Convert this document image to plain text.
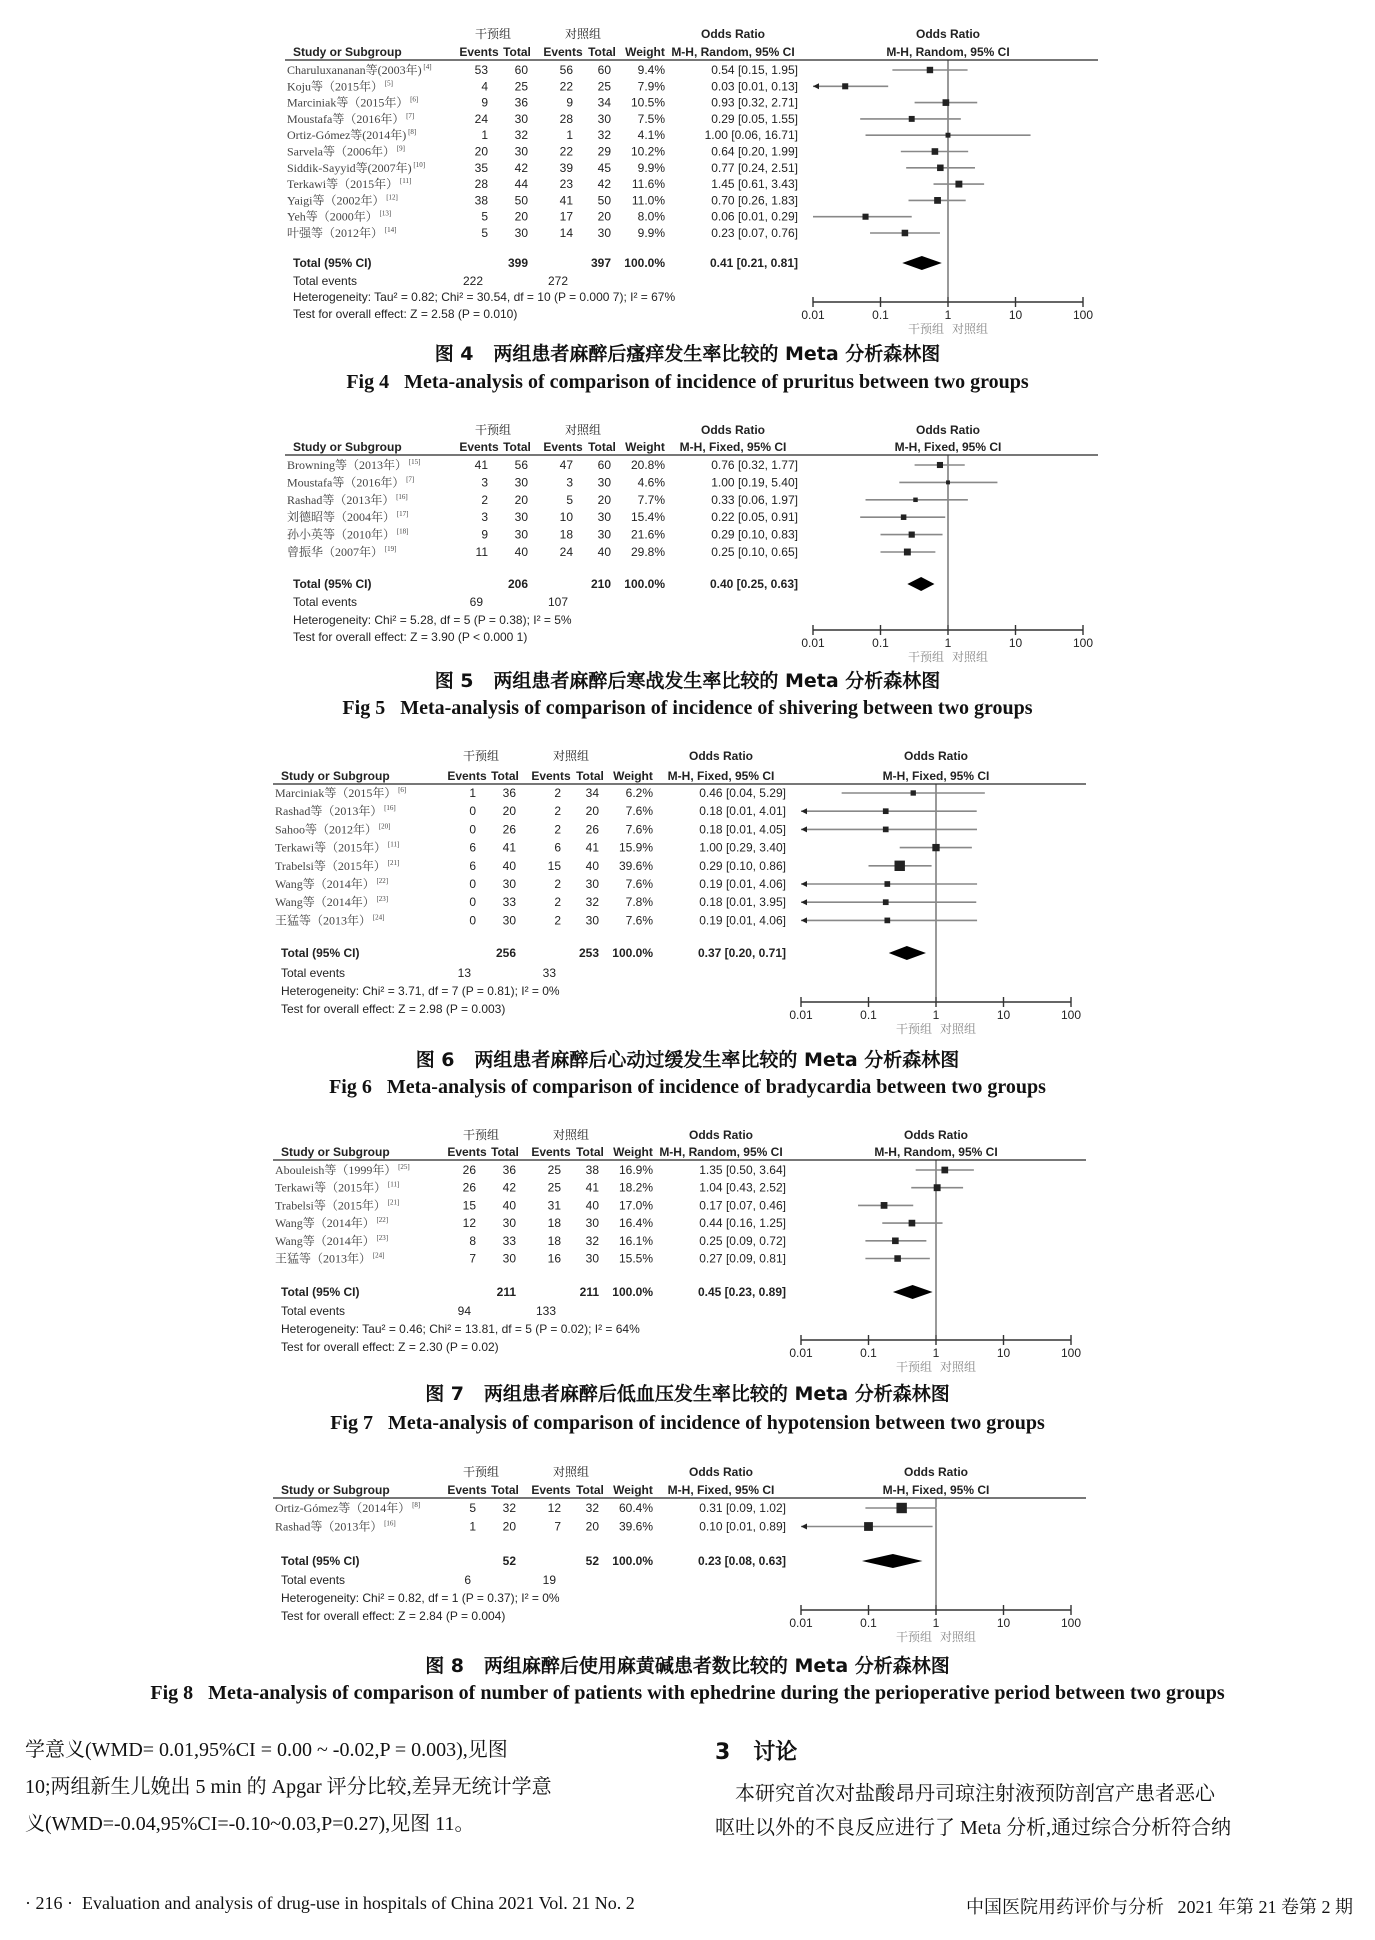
干预组	对照组	Odds Ratio	Odds Ratio
Study or Subgroup	Events Total Events Total Weight M-H, Random, 95% CI	M-H, Random, 95% CI
Charuluxananan等(2003年) [4]	53 60	56 60 9.4%	0.54 [0.15, 1.95]
Koju等（2015年） [5]	4 25	22 25 7.9%	0.03 [0.01, 0.13]
Marciniak等（2015年） [6]	9 36	9 34 10.5%	0.93 [0.32, 2.71]
Moustafa等（2016年） [7]	24 30	28 30 7.5%	0.29 [0.05, 1.55]
Ortiz-Gómez等(2014年) [8]	1 32	1 32 4.1%	1.00 [0.06, 16.71]
Sarvela等（2006年） [9]	20 30	22 29 10.2%	0.64 [0.20, 1.99]
Siddik-Sayyid等(2007年) [10]	35 42	39 45 9.9%	0.77 [0.24, 2.51]
Terkawi等（2015年） [11]	28 44	23 42 11.6%	1.45 [0.61, 3.43]
Yaigi等（2002年） [12]	38 50	41 50 11.0%	0.70 [0.26, 1.83]
Yeh等（2000年） [13]	5 20	17 20 8.0%	0.06 [0.01, 0.29]
叶强等（2012年） [14]	5 30	14 30 9.9%	0.23 [0.07, 0.76]
Total (95% CI)	399	397 100.0%	0.41 [0.21, 0.81]
Total events	222	272
Heterogeneity: Tau² = 0.82; Chi² = 30.54, df = 10 (P = 0.000 7); I² = 67%
Test for overall effect: Z = 2.58 (P = 0.010)	0.01	0.1	1	10	100
干预组 对照组
干预组	对照组	Odds Ratio	Odds Ratio
Study or Subgroup	Events Total Events Total Weight M-H, Fixed, 95% CI	M-H, Fixed, 95% CI
Browning等（2013年） [15]	41 56	47 60 20.8%	0.76 [0.32, 1.77]
Moustafa等（2016年） [7]	3 30	3 30 4.6%	1.00 [0.19, 5.40]
Rashad等（2013年） [16]	2 20	5 20 7.7%	0.33 [0.06, 1.97]
刘德昭等（2004年） [17]	3 30	10 30 15.4%	0.22 [0.05, 0.91]
孙小英等（2010年） [18]	9 30	18 30 21.6%	0.29 [0.10, 0.83]
曾振华（2007年） [19]	11 40	24 40 29.8%	0.25 [0.10, 0.65]
Total (95% CI)	206	210 100.0%	0.40 [0.25, 0.63]
Total events	69	107
Heterogeneity: Chi² = 5.28, df = 5 (P = 0.38); I² = 5%
Test for overall effect: Z = 3.90 (P < 0.000 1)	0.01	0.1	1	10	100
干预组 对照组
干预组	对照组	Odds Ratio	Odds Ratio
Study or Subgroup	Events Total Events Total Weight M-H, Fixed, 95% CI	M-H, Fixed, 95% CI
Marciniak等（2015年） [6]	1 36	2 34 6.2%	0.46 [0.04, 5.29]
Rashad等（2013年） [16]	0 20	2 20 7.6%	0.18 [0.01, 4.01]
Sahoo等（2012年） [20]	0 26	2 26 7.6%	0.18 [0.01, 4.05]
Terkawi等（2015年） [11]	6 41	6 41 15.9%	1.00 [0.29, 3.40]
Trabelsi等（2015年） [21]	6 40	15 40 39.6%	0.29 [0.10, 0.86]
Wang等（2014年） [22]	0 30	2 30 7.6%	0.19 [0.01, 4.06]
Wang等（2014年） [23]	0 33	2 32 7.8%	0.18 [0.01, 3.95]
王猛等（2013年） [24]	0 30	2 30 7.6%	0.19 [0.01, 4.06]
Total (95% CI)	256	253 100.0%	0.37 [0.20, 0.71]
Total events	13	33
Heterogeneity: Chi² = 3.71, df = 7 (P = 0.81); I² = 0%
Test for overall effect: Z = 2.98 (P = 0.003)	0.01	0.1	1	10	100
干预组 对照组
干预组	对照组	Odds Ratio	Odds Ratio
Study or Subgroup	Events Total Events Total Weight M-H, Random, 95% CI	M-H, Random, 95% CI
Abouleish等（1999年） [25]	26 36	25 38 16.9%	1.35 [0.50, 3.64]
Terkawi等（2015年） [11]	26 42	25 41 18.2%	1.04 [0.43, 2.52]
Trabelsi等（2015年） [21]	15 40	31 40 17.0%	0.17 [0.07, 0.46]
Wang等（2014年） [22]	12 30	18 30 16.4%	0.44 [0.16, 1.25]
Wang等（2014年） [23]	8 33	18 32 16.1%	0.25 [0.09, 0.72]
王猛等（2013年） [24]	7 30	16 30 15.5%	0.27 [0.09, 0.81]
Total (95% CI)	211	211 100.0%	0.45 [0.23, 0.89]
Total events	94	133
Heterogeneity: Tau² = 0.46; Chi² = 13.81, df = 5 (P = 0.02); I² = 64%
Test for overall effect: Z = 2.30 (P = 0.02)	0.01	0.1	1	10	100
干预组 对照组
干预组	对照组	Odds Ratio	Odds Ratio
Study or Subgroup	Events Total Events Total Weight M-H, Fixed, 95% CI	M-H, Fixed, 95% CI
Ortiz-Gómez等（2014年） [8]	5 32	12 32 60.4%	0.31 [0.09, 1.02]
Rashad等（2013年） [16]	1 20	7 20 39.6%	0.10 [0.01, 0.89]
Total (95% CI)	52	52 100.0%	0.23 [0.08, 0.63]
Total events	6	19
Heterogeneity: Chi² = 0.82, df = 1 (P = 0.37); I² = 0%
Test for overall effect: Z = 2.84 (P = 0.004)	0.01	0.1	1	10	100
干预组 对照组
图 4   两组患者麻醉后瘙痒发生率比较的 Meta 分析森林图
Fig 4   Meta-analysis of comparison of incidence of pruritus between two groups
图 5   两组患者麻醉后寒战发生率比较的 Meta 分析森林图
Fig 5   Meta-analysis of comparison of incidence of shivering between two groups
图 6   两组患者麻醉后心动过缓发生率比较的 Meta 分析森林图
Fig 6   Meta-analysis of comparison of incidence of bradycardia between two groups
图 7   两组患者麻醉后低血压发生率比较的 Meta 分析森林图
Fig 7   Meta-analysis of comparison of incidence of hypotension between two groups
图 8   两组麻醉后使用麻黄碱患者数比较的 Meta 分析森林图
Fig 8   Meta-analysis of comparison of number of patients with ephedrine during the perioperative period between two groups
学意义(WMD= 0.01,95%CI = 0.00 ~ -0.02,P = 0.003),见图
10;两组新生儿娩出 5 min 的 Apgar 评分比较,差异无统计学意
义(WMD=-0.04,95%CI=-0.10~0.03,P=0.27),见图 11。
3   讨论
本研究首次对盐酸昂丹司琼注射液预防剖宫产患者恶心
呕吐以外的不良反应进行了 Meta 分析,通过综合分析符合纳
· 216 ·  Evaluation and analysis of drug-use in hospitals of China 2021 Vol. 21 No. 2	中国医院用药评价与分析   2021 年第 21 卷第 2 期
